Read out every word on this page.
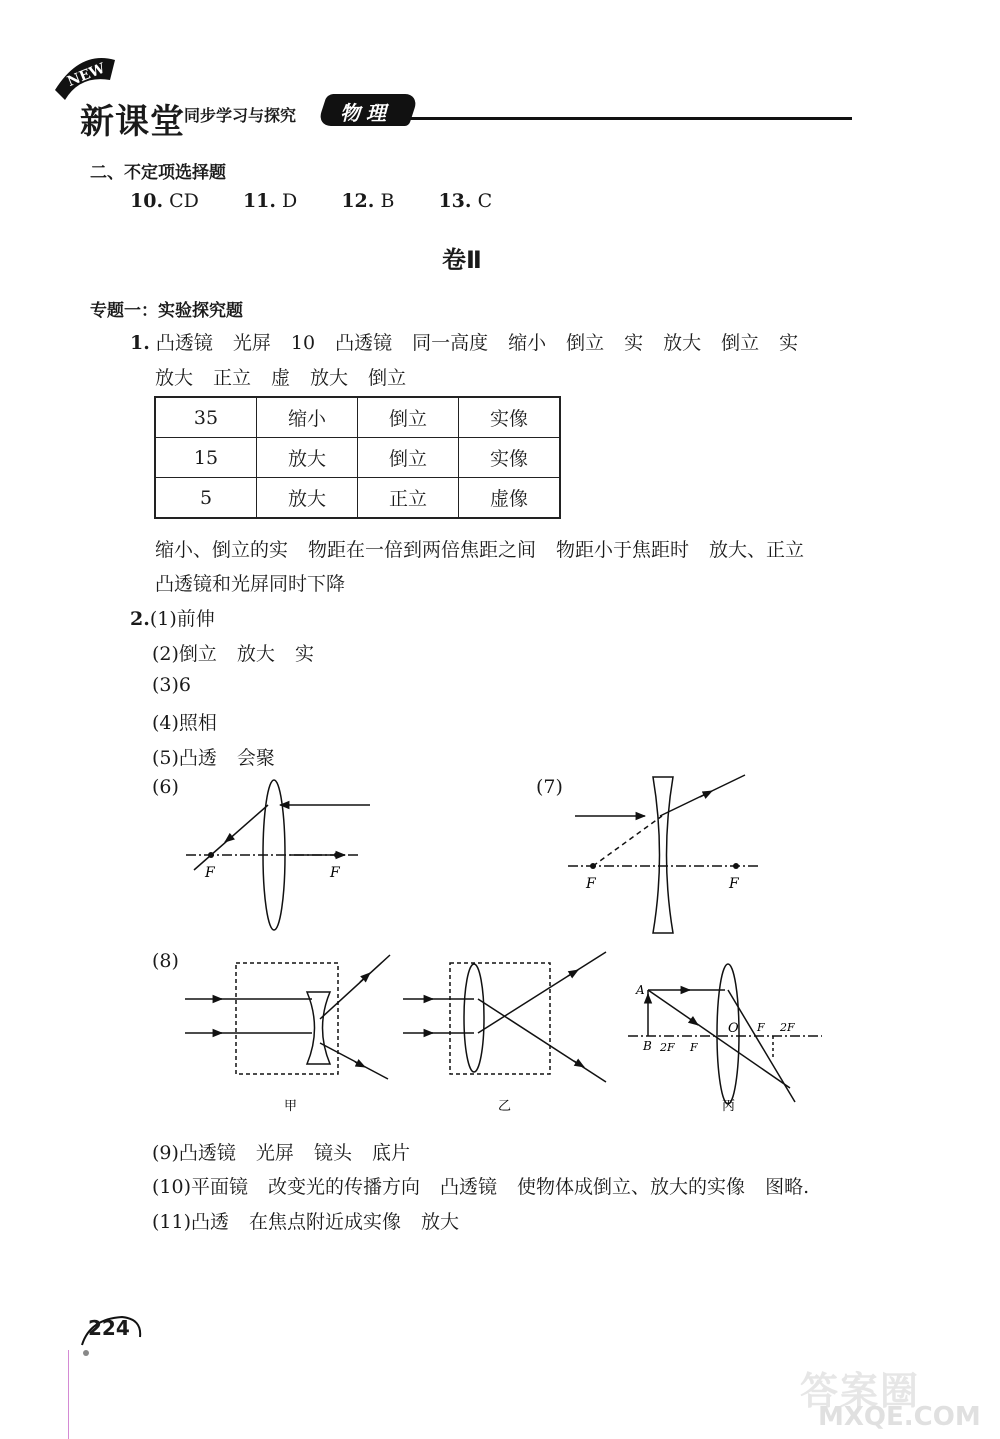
NEW
新课堂 同步学习与探究 物理
二、不定项选择题
10. CD 11. D 12. B 13. C
卷Ⅱ
专题一：实验探究题
1. 凸透镜 光屏 10 凸透镜 同一高度 缩小 倒立 实 放大 倒立 实
放大 正立 虚 放大 倒立
35	缩小	倒立	实像
15	放大	倒立	实像
5	放大	正立	虚像
缩小、倒立的实 物距在一倍到两倍焦距之间 物距小于焦距时 放大、正立
凸透镜和光屏同时下降
2.(1)前伸
(2)倒立 放大 实
(3)6
(4)照相
(5)凸透 会聚
(6)	(7)
(8)
F	F
F	F
甲	乙
A
B
O
F
2F
F 2F
丙
(9)凸透镜 光屏 镜头 底片
(10)平面镜 改变光的传播方向 凸透镜 使物体成倒立、放大的实像 图略.
(11)凸透 在焦点附近成实像 放大
224
答案圈
MXQE.COM
